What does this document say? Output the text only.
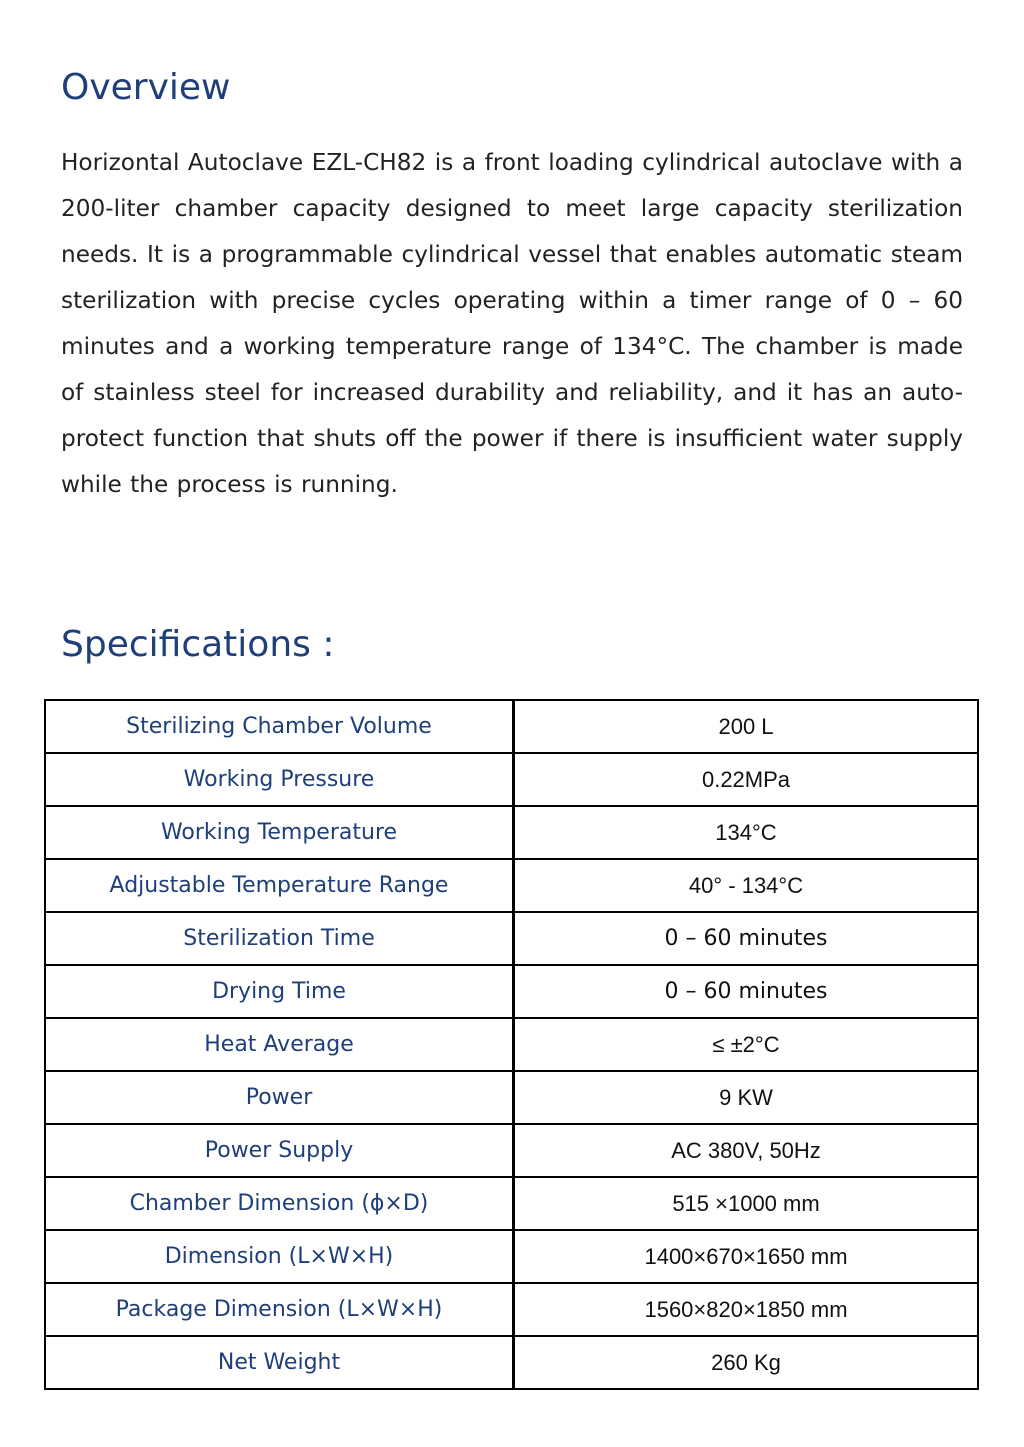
Overview

Horizontal Autoclave EZL-CH82 is a front loading cylindrical autoclave with a 200-liter chamber capacity designed to meet large capacity sterilization needs. It is a programmable cylindrical vessel that enables automatic steam sterilization with precise cycles operating within a timer range of 0 – 60 minutes and a working temperature range of 134°C. The chamber is made of stainless steel for increased durability and reliability, and it has an auto-protect function that shuts off the power if there is insufficient water supply while the process is running.

Specifications :
Sterilizing Chamber Volume	200 L
Working Pressure	0.22MPa
Working Temperature	134°C
Adjustable Temperature Range	40° - 134°C
Sterilization Time	0 – 60 minutes
Drying Time	0 – 60 minutes
Heat Average	≤ ±2°C
Power	9 KW
Power Supply	AC 380V, 50Hz
Chamber Dimension (ϕ×D)	515 ×1000 mm
Dimension (L×W×H)	1400×670×1650 mm
Package Dimension (L×W×H)	1560×820×1850 mm
Net Weight	260 Kg
